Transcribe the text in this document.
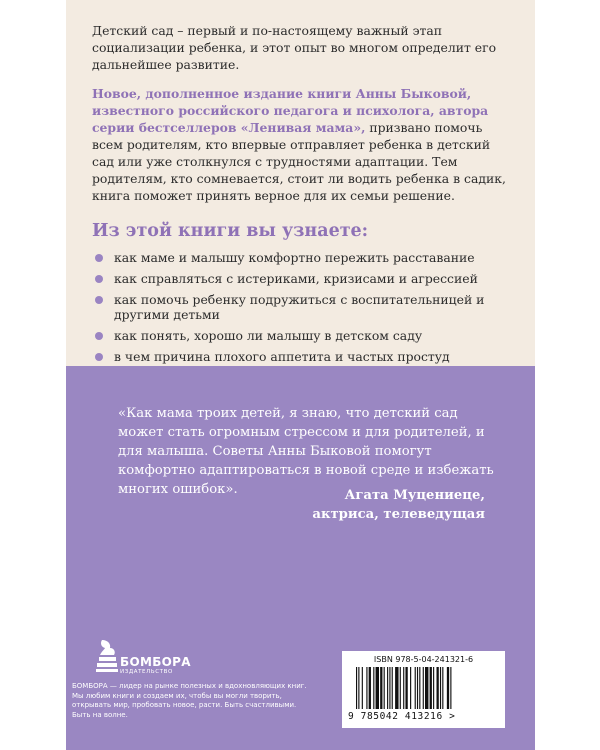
Детский сад – первый и по-настоящему важный этап социализации ребенка, и этот опыт во многом определит его дальнейшее развитие.

Новое, дополненное издание книги Анны Быковой, известного российского педагога и психолога, автора серии бестселлеров «Ленивая мама», призвано помочь всем родителям, кто впервые отправляет ребенка в детский сад или уже столкнулся с трудностями адаптации. Тем родителям, кто сомневается, стоит ли водить ребенка в садик, книга поможет принять верное для их семьи решение.

Из этой книги вы узнаете:
как маме и малышу комфортно пережить расставание
как справляться с истериками, кризисами и агрессией
как помочь ребенку подружиться с воспитательницей и другими детьми
как понять, хорошо ли малышу в детском саду
в чем причина плохого аппетита и частых простуд

«Как мама троих детей, я знаю, что детский сад может стать огромным стрессом и для родителей, и для малыша. Советы Анны Быковой помогут комфортно адаптироваться в новой среде и избежать многих ошибок».	Агата Муцениеце,
актриса, телеведущая
БОМБОРА
ИЗДАТЕЛЬСТВО
БОМБОРА — лидер на рынке полезных и вдохновляющих книг. Мы любим книги и создаем их, чтобы вы могли творить, открывать мир, пробовать новое, расти. Быть счастливыми. Быть на волне.
ISBN 978-5-04-241321-6
9 785042 413216 >
